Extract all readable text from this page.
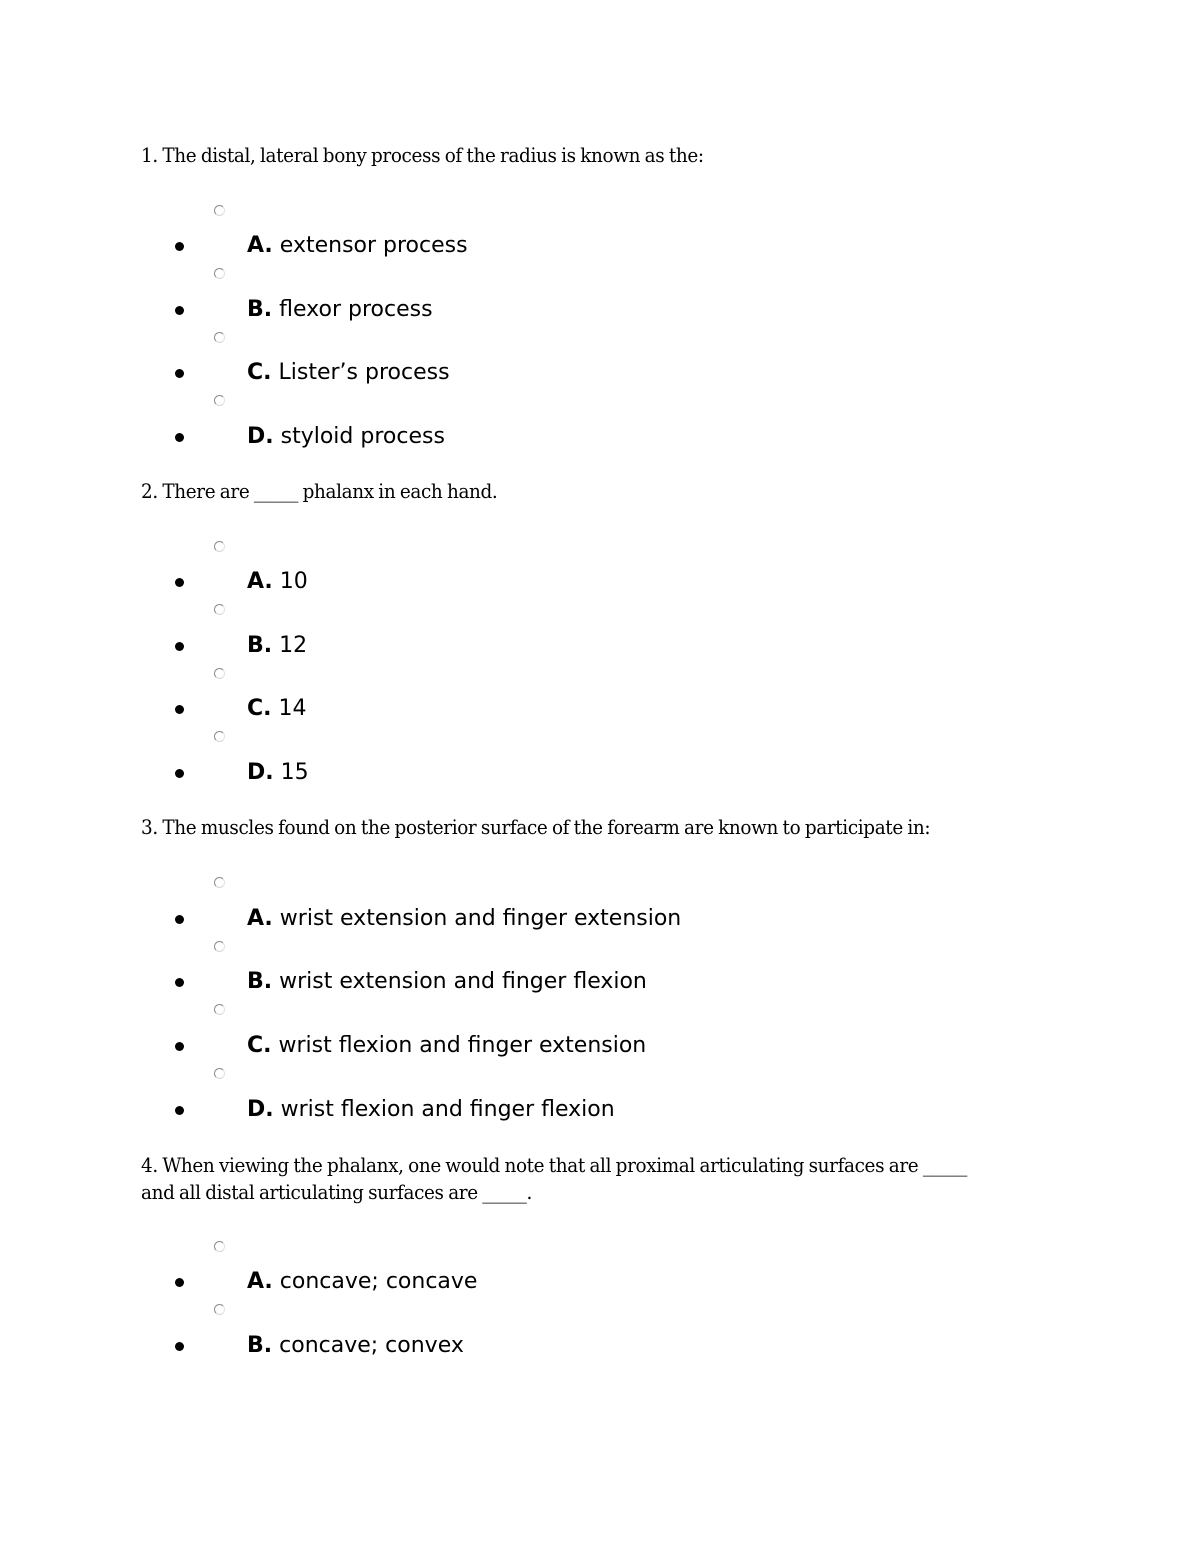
1. The distal, lateral bony process of the radius is known as the:
A. extensor process
B. flexor process
C. Lister’s process
D. styloid process
2. There are _____ phalanx in each hand.
A. 10
B. 12
C. 14
D. 15
3. The muscles found on the posterior surface of the forearm are known to participate in:
A. wrist extension and finger extension
B. wrist extension and finger flexion
C. wrist flexion and finger extension
D. wrist flexion and finger flexion
4. When viewing the phalanx, one would note that all proximal articulating surfaces are _____ and all distal articulating surfaces are _____.
A. concave; concave
B. concave; convex
